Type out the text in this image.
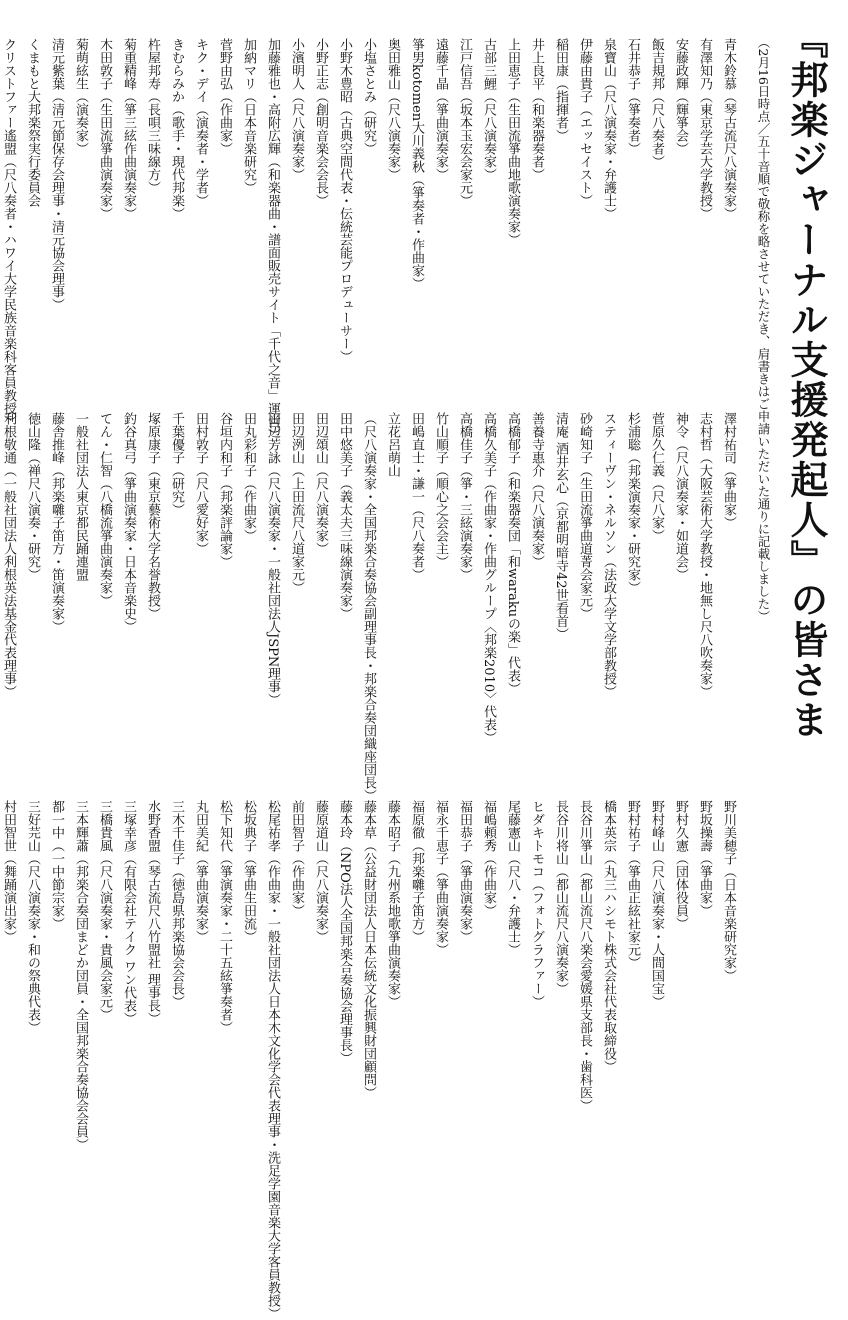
『邦楽ジャーナル支援発起人』の皆さま
（2月16日時点／五十音順で敬称を略させていただき、肩書きはご申請いただいた通りに記載しました）
青木鈴慕（琴古流尺八演奏家）
有澤知乃（東京学芸大学教授）
安藤政輝（輝箏会）
飯吉規邦（尺八奏者）
石井恭子（箏奏者）
泉寶山（尺八演奏家・弁護士）
伊藤由貴子（エッセイスト）
稲田康（指揮者）
井上良平（和楽器奏者）
上田恵子（生田流箏曲地歌演奏家）
古部三鯉（尺八演奏家）
江戸信吾（坂本玉宏会家元）
遠藤千晶（箏曲演奏家）
箏男kotomen大川義秋（箏奏者・作曲家）
奥田雅山（尺八演奏家）
小塩さとみ（研究）
小野木豊昭（古典空間代表・伝統芸能プロデューサー）
小野正志（創明音楽会会長）
小濱明人（尺八演奏家）
加藤雅也・高附広輝（和楽器曲・譜面販売サイト「千代之音」運営）
加納マリ（日本音楽研究）
菅野由弘（作曲家）
キク・デイ（演奏者・学者）
きむらみか（歌手・現代邦楽）
杵屋邦寿（長唄三味線方）
菊重精峰（箏三絃作曲演奏家）
木田敦子（生田流箏曲演奏家）
菊萌絃生（演奏家）
清元紫葉（清元節保存会理事・清元協会理事）
くまもと大邦楽祭実行委員会
クリストファー遙盟（尺八奏者・ハワイ大学民族音楽科客員教授）
澤村祐司（箏曲家）
志村哲（大阪芸術大学教授・地無し尺八吹奏家）
神令（尺八演奏家・如道会）
菅原久仁義（尺八家）
杉浦聡（邦楽演奏家・研究家）
スティーヴン・ネルソン（法政大学文学部教授）
砂崎知子（生田流箏曲道菁会家元）
清庵 酒井玄心（京都明暗寺42世看首）
善養寺惠介（尺八演奏家）
高橋郁子（和楽器奏団「和warakuの楽」代表）
高橋久美子（作曲家・作曲グループ〈邦楽2010〉代表）
高橋佳子（箏・三絃演奏家）
竹山順子（順心之会会主）
田嶋直士・謙一（尺八奏者）
立花呂萌山
（尺八演奏家・全国邦楽合奏協会副理事長・邦楽合奏団織座団長）
田中悠美子（義太夫三味線演奏家）
田辺頌山（尺八演奏家）
田辺洌山（上田流尺八道家元）
田辺芳詠（尺八演奏家・一般社団法人JSPN理事）
田丸彩和子（作曲家）
谷垣内和子（邦楽評論家）
田村敦子（尺八愛好家）
千葉優子（研究）
塚原康子（東京藝術大学名誉教授）
釣谷真弓（箏曲演奏家・日本音楽史）
てん・仁智（八橋流箏曲演奏家）
一般社団法人東京都民踊連盟
藤舎推峰（邦楽囃子笛方・笛演奏家）
徳山隆（禅尺八演奏・研究）
利根敬通（一般社団法人利根英法基金代表理事）
野川美穂子（日本音楽研究家）
野坂操壽（箏曲家）
野村久憲（団体役員）
野村峰山（尺八演奏家・人間国宝）
野村祐子（箏曲正絃社家元）
橋本英宗（丸三ハシモト株式会社代表取締役）
長谷川箏山（都山流尺八楽会愛媛県支部長・歯科医）
長谷川将山（都山流尺八演奏家）
ヒダキトモコ（フォトグラファー）
尾藤憲山（尺八・弁護士）
福嶋頼秀（作曲家）
福田恭子（箏曲演奏家）
福永千恵子（箏曲演奏家）
福原徹（邦楽囃子笛方）
藤本昭子（九州系地歌箏曲演奏家）
藤本草（公益財団法人日本伝統文化振興財団顧問）
藤本玲（NPO法人全国邦楽合奏協会理事長）
藤原道山（尺八演奏家）
前田智子（作曲家）
松尾祐孝（作曲家・一般社団法人日本木文化学会代表理事・洗足学園音楽大学客員教授）
松坂典子（箏曲生田流）
松下知代（箏演奏家・二十五絃箏奏者）
丸田美紀（箏曲演奏家）
三木千佳子（徳島県邦楽協会会長）
水野香盟（琴古流尺八竹盟社 理事長）
三塚幸彦（有限会社テイク ワン代表）
三橋貴風（尺八演奏家・貴風会家元）
三本輝蕭（邦楽合奏団まどか団員・全国邦楽合奏協会会員）
都一中（一中節宗家）
三好芫山（尺八演奏家・和の祭典代表）
村田智世（舞踊演出家）
